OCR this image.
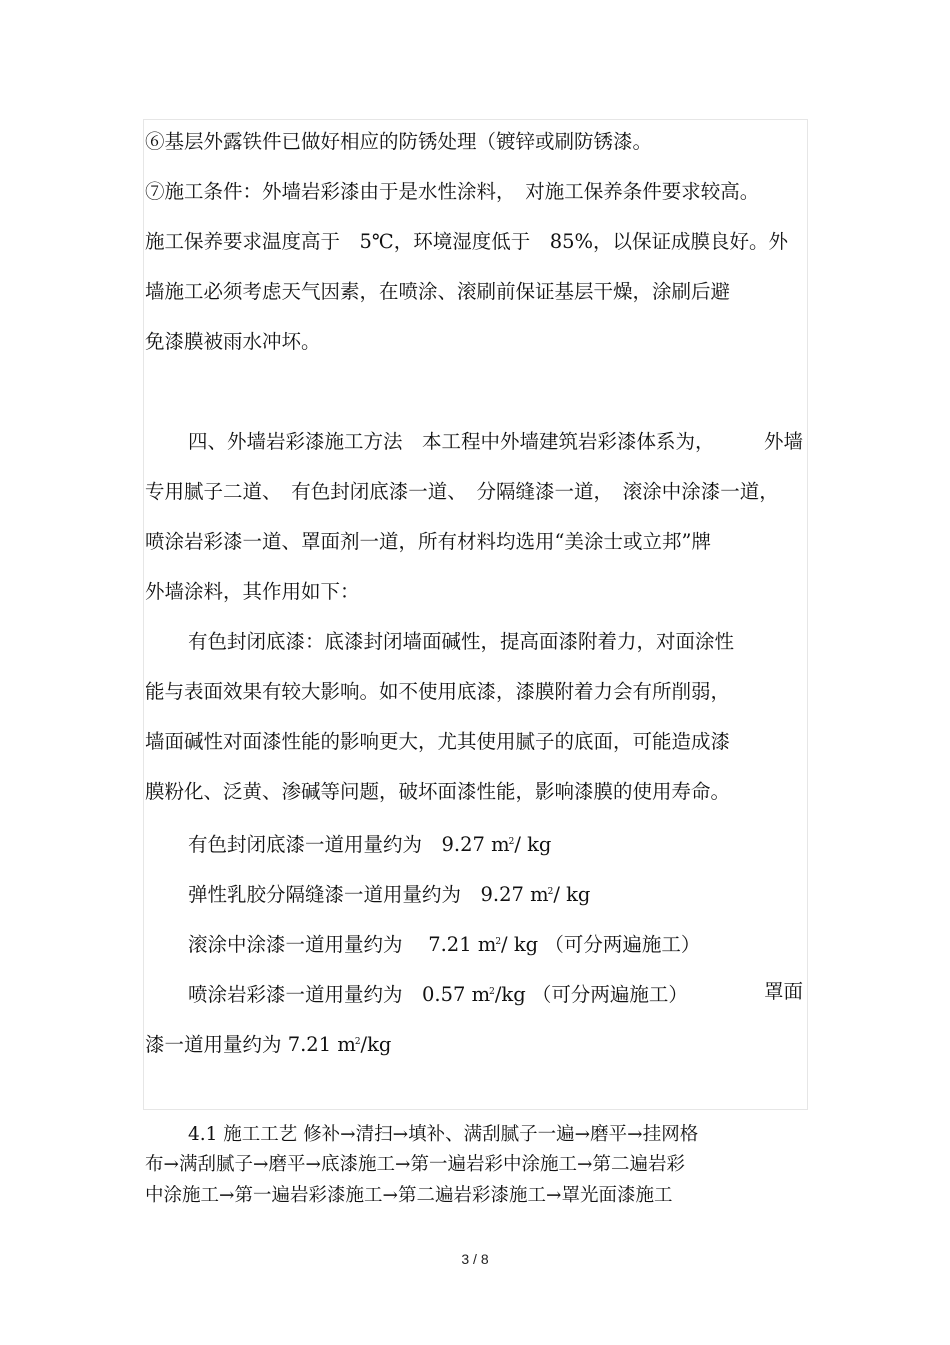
⑥基层外露铁件已做好相应的防锈处理（镀锌或刷防锈漆。
⑦施工条件：外墙岩彩漆由于是水性涂料，　对施工保养条件要求较高。
施工保养要求温度高于　5℃，环境湿度低于　85%，以保证成膜良好。外
墙施工必须考虑天气因素，在喷涂、滚刷前保证基层干燥，涂刷后避
免漆膜被雨水冲坏。
四、外墙岩彩漆施工方法　本工程中外墙建筑岩彩漆体系为，	外墙
专用腻子二道、　有色封闭底漆一道、　分隔缝漆一道，　滚涂中涂漆一道，
喷涂岩彩漆一道、罩面剂一道，所有材料均选用“美涂士或立邦”牌
外墙涂料，其作用如下：
有色封闭底漆：底漆封闭墙面碱性，提高面漆附着力，对面涂性
能与表面效果有较大影响。如不使用底漆，漆膜附着力会有所削弱，
墙面碱性对面漆性能的影响更大，尤其使用腻子的底面，可能造成漆
膜粉化、泛黄、渗碱等问题，破坏面漆性能，影响漆膜的使用寿命。
有色封闭底漆一道用量约为　9.27 $m^2/$ kg
弹性乳胶分隔缝漆一道用量约为　9.27 $m^2/$ kg
滚涂中涂漆一道用量约为　 7.21 $m^2/$ kg （可分两遍施工）
喷涂岩彩漆一道用量约为　0.57 $m^2/kg$ （可分两遍施工）	罩面
漆一道用量约为 7.21 $m^2/kg$
4.1 施工工艺 修补→清扫→填补、满刮腻子一遍→磨平→挂网格
布→满刮腻子→磨平→底漆施工→第一遍岩彩中涂施工→第二遍岩彩
中涂施工→第一遍岩彩漆施工→第二遍岩彩漆施工→罩光面漆施工
3 / 8
